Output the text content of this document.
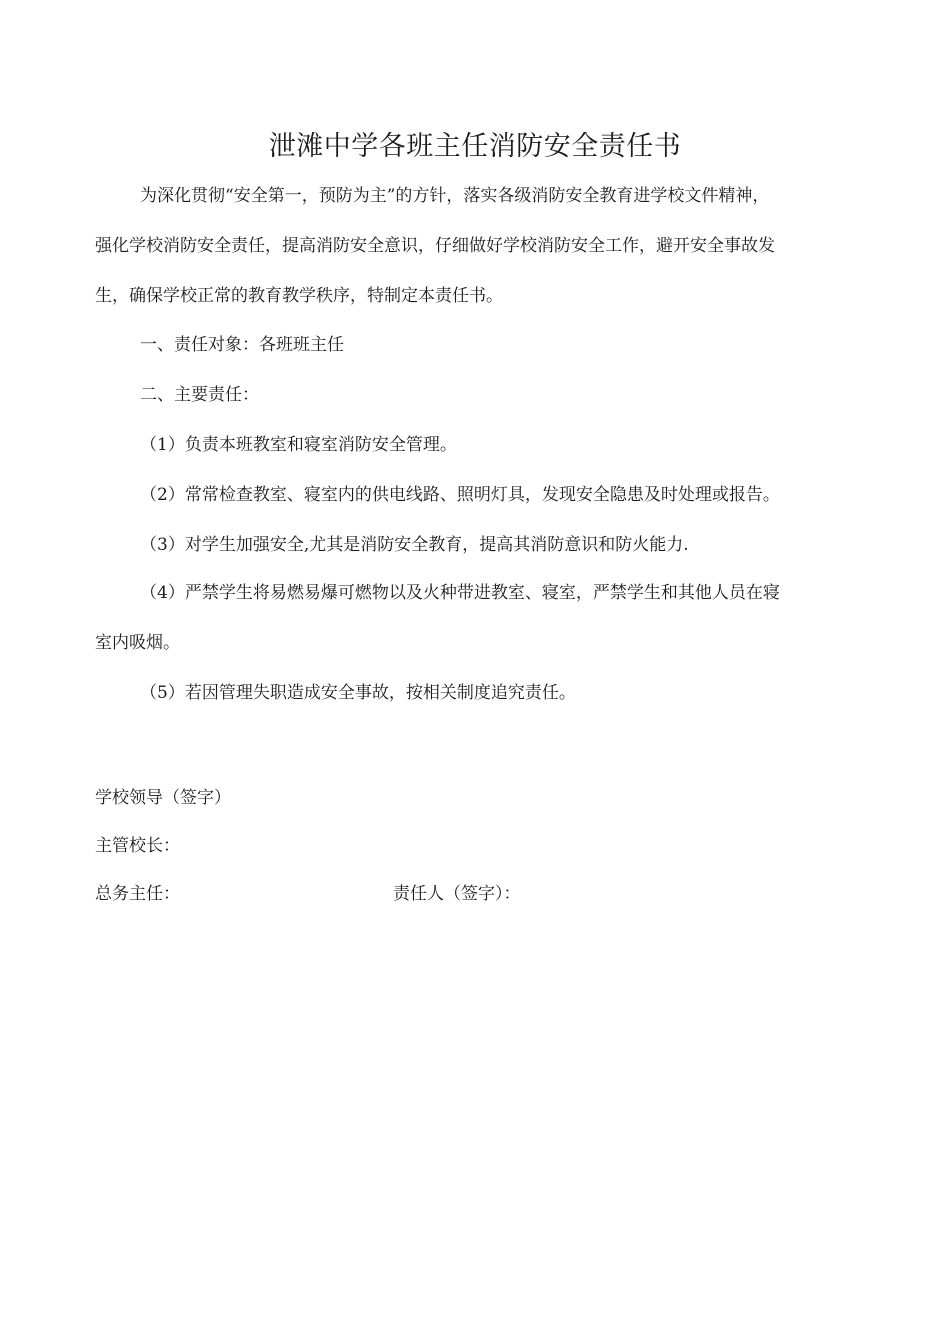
泄滩中学各班主任消防安全责任书
为深化贯彻“安全第一，预防为主”的方针，落实各级消防安全教育进学校文件精神，
强化学校消防安全责任，提高消防安全意识，仔细做好学校消防安全工作，避开安全事故发
生，确保学校正常的教育教学秩序，特制定本责任书。
一、责任对象：各班班主任
二、主要责任：
（1）负责本班教室和寝室消防安全管理。
（2）常常检查教室、寝室内的供电线路、照明灯具，发现安全隐患及时处理或报告。
（3）对学生加强安全,尤其是消防安全教育，提高其消防意识和防火能力.
（4）严禁学生将易燃易爆可燃物以及火种带进教室、寝室，严禁学生和其他人员在寝
室内吸烟。
（5）若因管理失职造成安全事故，按相关制度追究责任。
学校领导（签字）
主管校长：
总务主任：	责任人（签字）：
